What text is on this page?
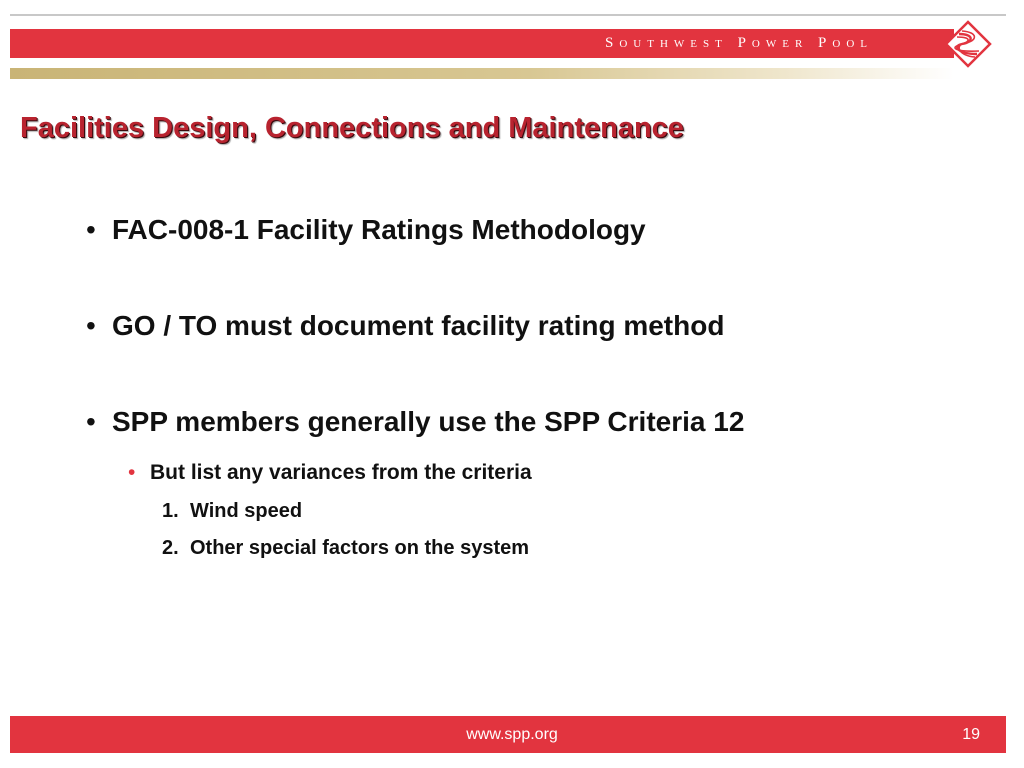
Southwest Power Pool
Facilities Design, Connections and Maintenance
• FAC-008-1 Facility Ratings Methodology
• GO / TO must document facility rating method
• SPP members generally use the SPP Criteria 12
• But list any variances from the criteria
1. Wind speed
2. Other special factors on the system
www.spp.org	19
